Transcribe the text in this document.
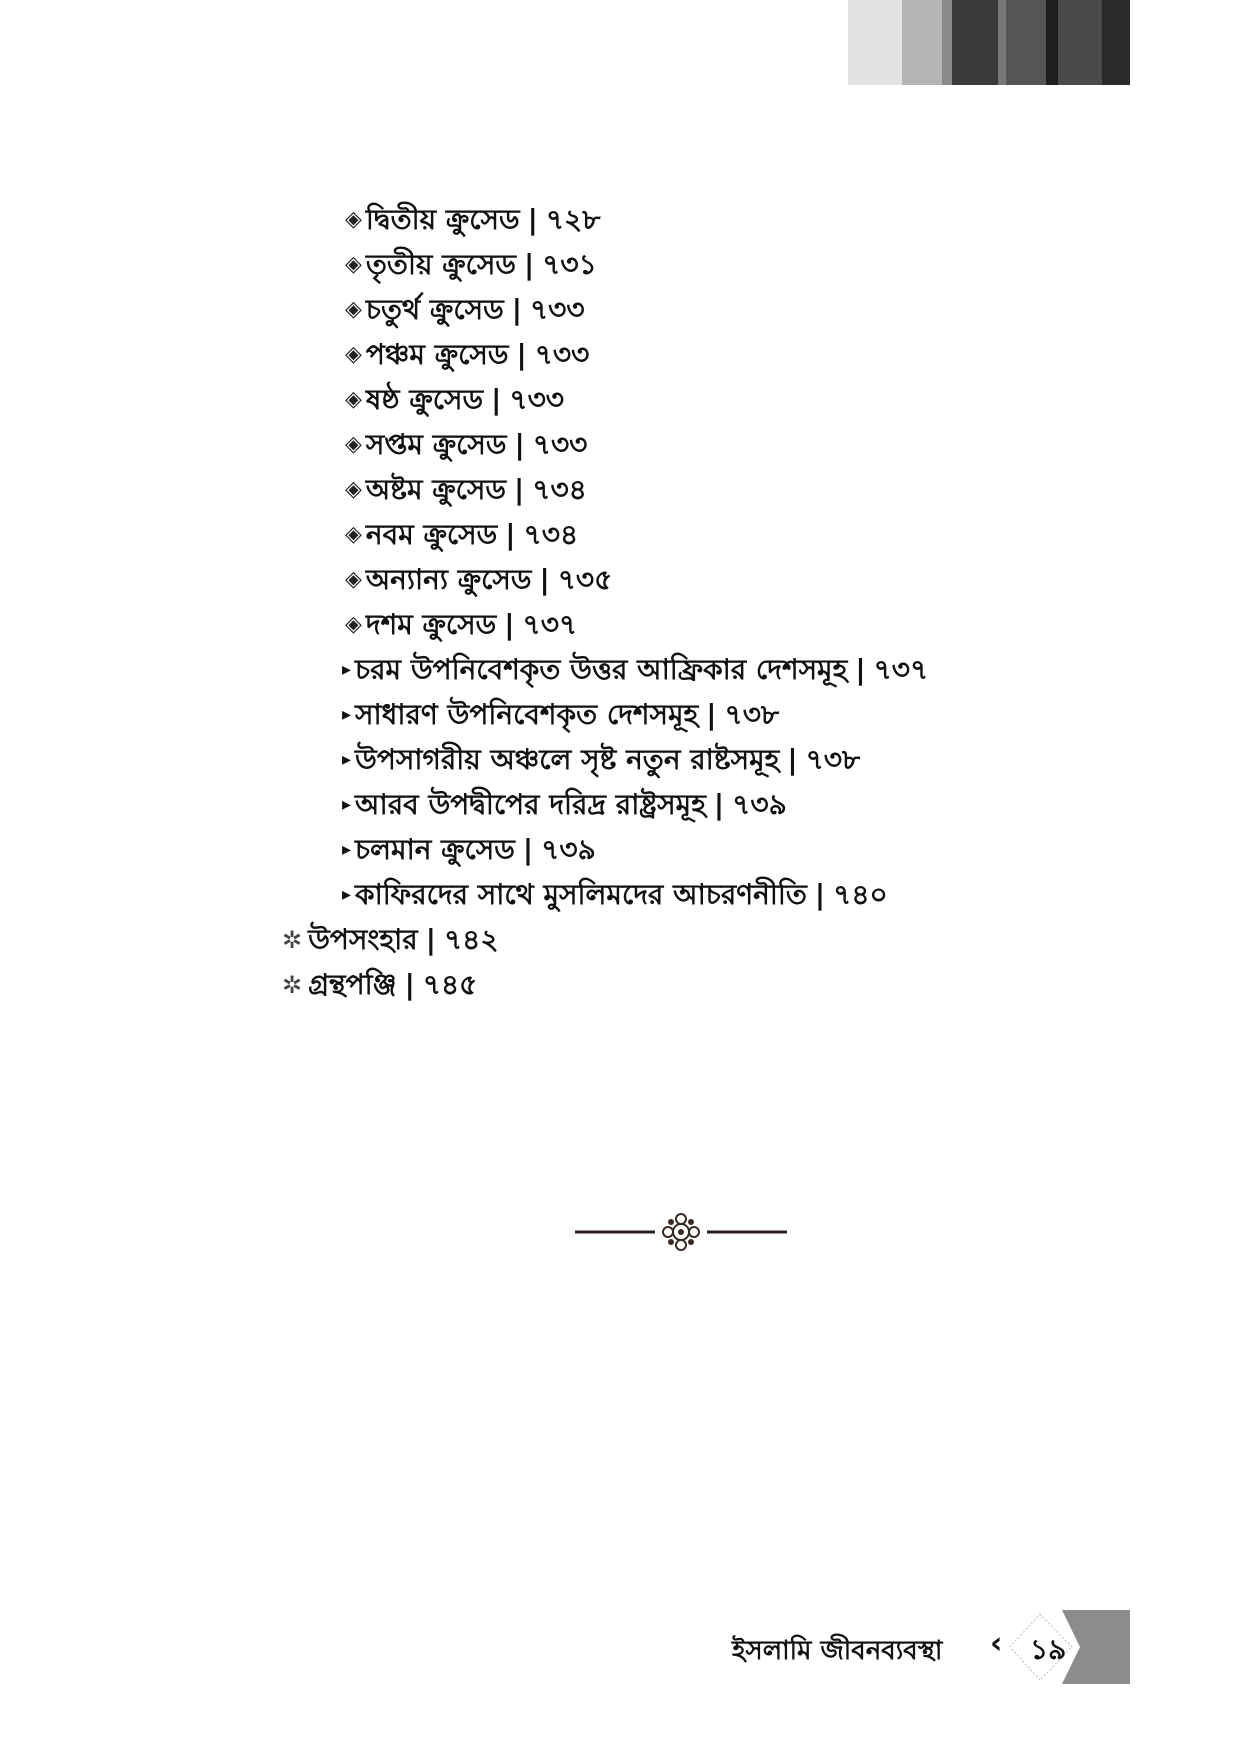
◈ দ্বিতীয় ক্রুসেড | ৭২৮
◈ তৃতীয় ক্রুসেড | ৭৩১
◈ চতুর্থ ক্রুসেড | ৭৩৩
◈ পঞ্চম ক্রুসেড | ৭৩৩
◈ ষষ্ঠ ক্রুসেড | ৭৩৩
◈ সপ্তম ক্রুসেড | ৭৩৩
◈ অষ্টম ক্রুসেড | ৭৩৪
◈ নবম ক্রুসেড | ৭৩৪
◈ অন্যান্য ক্রুসেড | ৭৩৫
◈ দশম ক্রুসেড | ৭৩৭
▸ চরম উপনিবেশকৃত উত্তর আফ্রিকার দেশসমূহ | ৭৩৭
▸ সাধারণ উপনিবেশকৃত দেশসমূহ | ৭৩৮
▸ উপসাগরীয় অঞ্চলে সৃষ্ট নতুন রাষ্টসমূহ | ৭৩৮
▸ আরব উপদ্বীপের দরিদ্র রাষ্ট্রসমূহ | ৭৩৯
▸ চলমান ক্রুসেড | ৭৩৯
▸ কাফিরদের সাথে মুসলিমদের আচরণনীতি | ৭৪০
✲ উপসংহার | ৭৪২
✲ গ্রন্থপঞ্জি | ৭৪৫
ইসলামি জীবনব্যবস্থা ‹ ১৯
